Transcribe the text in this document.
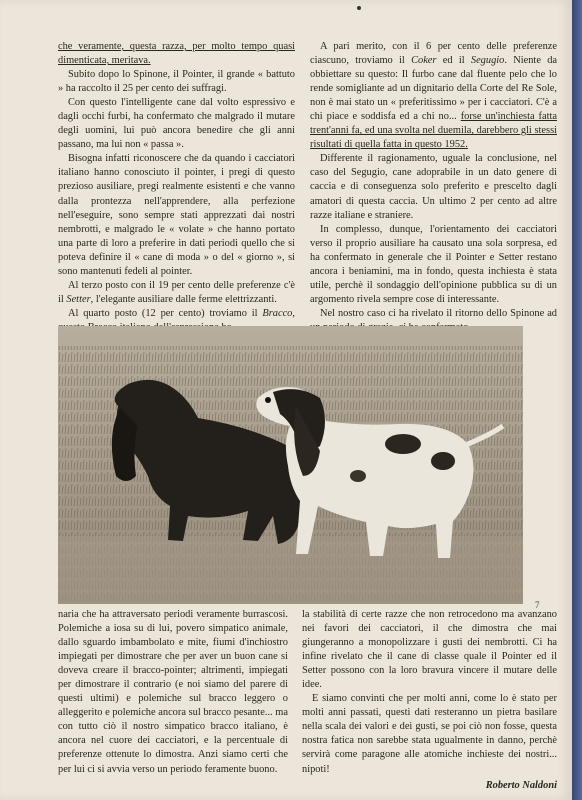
che veramente, questa razza, per molto tempo quasi dimenticata, meritava.

Subito dopo lo Spinone, il Pointer, il grande « battuto » ha raccolto il 25 per cento dei suffragi.

Con questo l'intelligente cane dal volto espressivo e dagli occhi furbi, ha confermato che malgrado il mutare degli uomini, lui può ancora benedire che gli anni passano, ma lui non « passa ».

Bisogna infatti riconoscere che da quando i cacciatori italiano hanno conosciuto il pointer, i pregi di questo prezioso ausiliare, pregi realmente esistenti e che vanno dalla prontezza nell'apprendere, alla perfezione nell'eseguire, sono sempre stati apprezzati dai nostri nembrotti, e malgrado le « volate » che hanno portato una parte di loro a preferire in dati periodi quello che si poteva definire il « cane di moda » o del « giorno », si sono mantenuti fedeli al pointer.

Al terzo posto con il 19 per cento delle preferenze c'è il Setter, l'elegante ausiliare dalle ferme elettrizzanti.

Al quarto posto (12 per cento) troviamo il Bracco,

A pari merito, con il 6 per cento delle preferenze ciascuno, troviamo il Coker ed il Segugio. Niente da obbiettare su questo: Il furbo cane dal fluente pelo che lo rende somigliante ad un dignitario della Corte del Re Sole, non è mai stato un « preferitissimo » per i cacciatori. C'è a chi piace e soddisfa ed a chi no... forse un'inchiesta fatta trent'anni fa, ed una svolta nel duemila, darebbero gli stessi risultati di quella fatta in questo 1952.

Differente il ragionamento, uguale la conclusione, nel caso del Segugio, cane adoprabile in un dato genere di caccia e di conseguenza solo preferito e prescelto dagli amatori di questa caccia. Un ultimo 2 per cento ad altre razze italiane e straniere.

In complesso, dunque, l'orientamento dei cacciatori verso il proprio ausiliare ha causato una sola sorpresa, ed ha confermato in generale che il Pointer e Setter restano ancora i beniamini, ma in fondo, questa inchiesta è stata utile, perchè il sondaggio dell'opinione pubblica su di un argomento rivela sempre cose di interessante.

Nel nostro caso ci ha rivelato il ritorno dello Spinone ad

7

naria che ha attraversato periodi veramente burrascosi. Polemiche a iosa su di lui, povero simpatico animale, dallo sguardo imbambolato e mite, fiumi d'inchiostro impiegati per dimostrare che per aver un buon cane si doveva creare il bracco-pointer; altrimenti, impiegati per dimostrare il contrario (e noi siamo del parere di questi ultimi) e polemiche sul bracco leggero o alleggerito e polemiche ancora sul bracco pesante... ma con tutto ciò il nostro simpatico bracco italiano, è ancora nel cuore dei cacciatori, e la percentuale di preferenze ottenute lo dimostra. Anzi siamo certi che per lui ci si avvia verso un periodo feramente buono.

la stabilità di certe razze che non retrocedono ma avanzano nei favori dei cacciatori, il che dimostra che mai giungeranno a monopolizzare i gusti dei nembrotti. Ci ha infine rivelato che il cane di classe quale il Pointer ed il Setter possono con la loro bravura vincere il mutare delle idee.

E siamo convinti che per molti anni, come lo è stato per molti anni passati, questi dati resteranno un pietra basilare nella scala dei valori e dei gusti, se poi ciò non fosse, questa nostra fatica non sarebbe stata ugualmente in danno, perchè servirà come paragone alle atomiche inchieste dei nostri... nipoti!

Roberto Naldoni
